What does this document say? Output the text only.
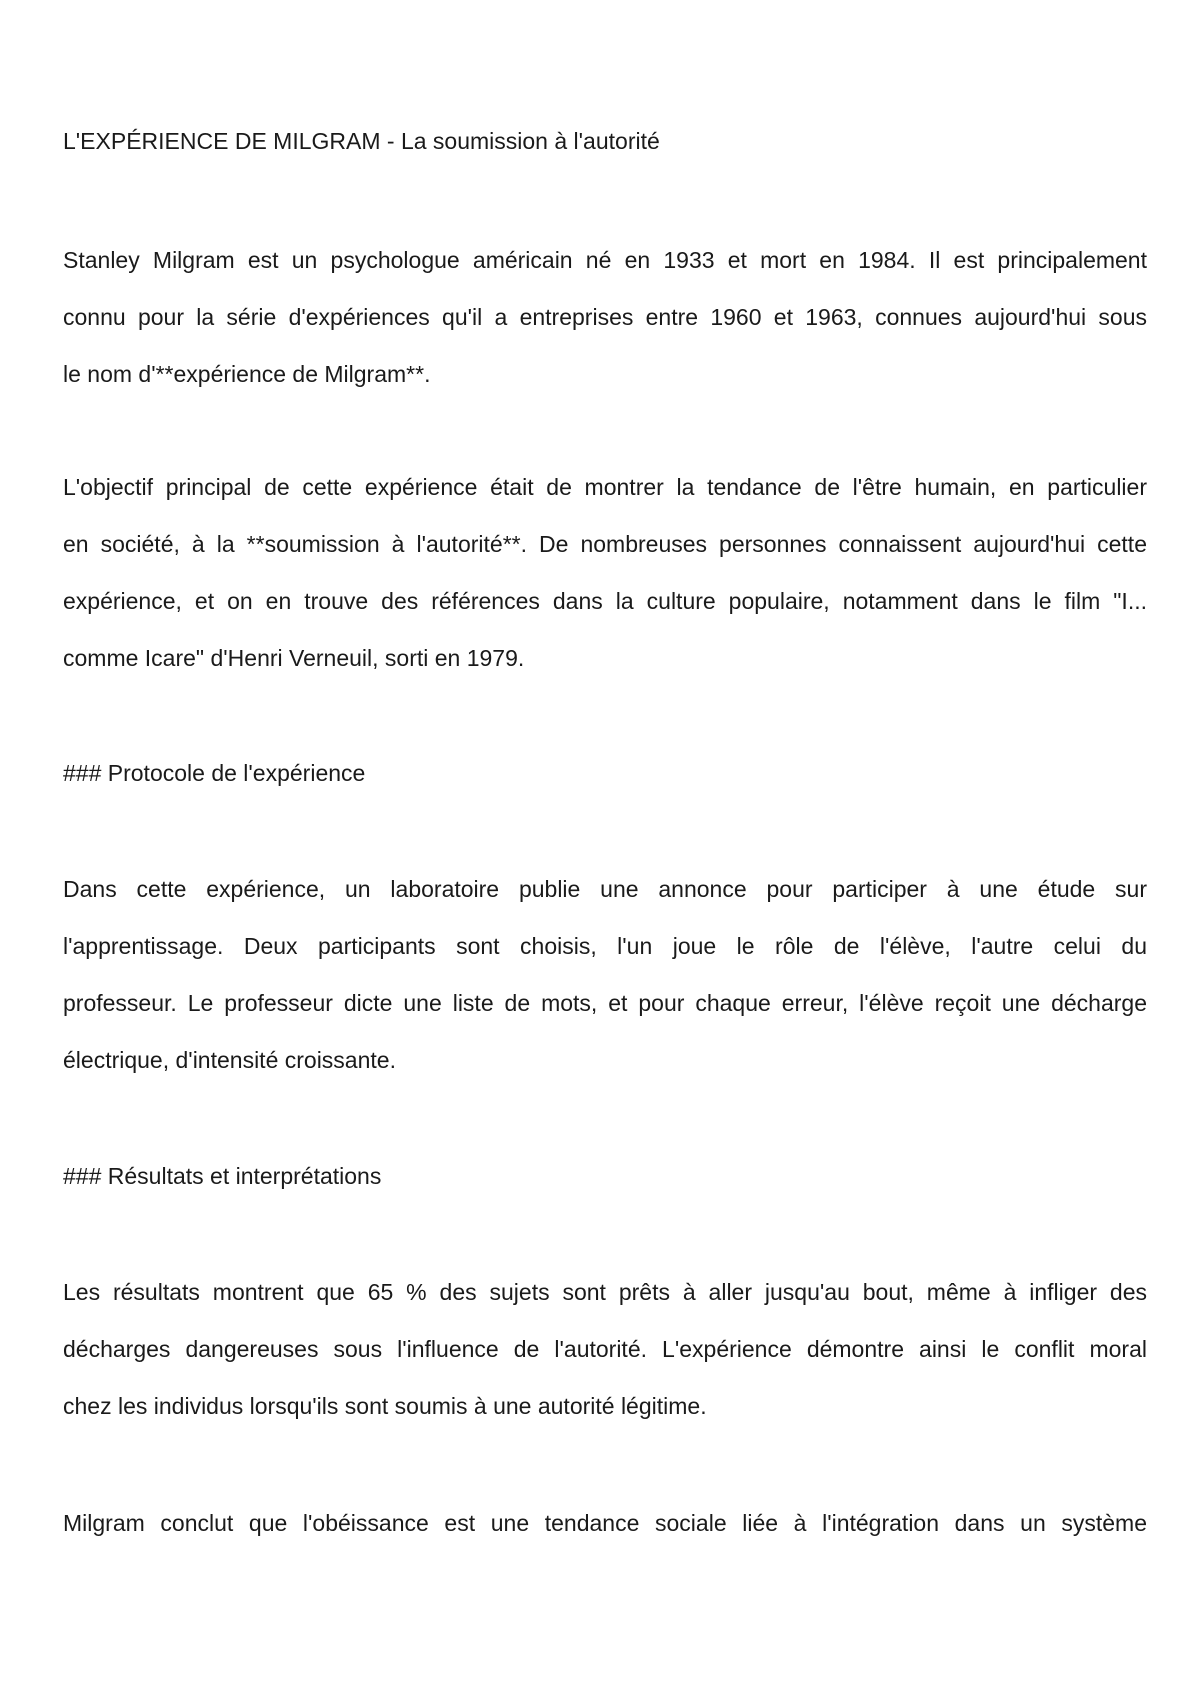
L'EXPÉRIENCE DE MILGRAM - La soumission à l'autorité
Stanley Milgram est un psychologue américain né en 1933 et mort en 1984. Il est principalement
connu pour la série d'expériences qu'il a entreprises entre 1960 et 1963, connues aujourd'hui sous
le nom d'**expérience de Milgram**.
L'objectif principal de cette expérience était de montrer la tendance de l'être humain, en particulier
en société, à la **soumission à l'autorité**. De nombreuses personnes connaissent aujourd'hui cette
expérience, et on en trouve des références dans la culture populaire, notamment dans le film "I...
comme Icare" d'Henri Verneuil, sorti en 1979.
### Protocole de l'expérience
Dans cette expérience, un laboratoire publie une annonce pour participer à une étude sur
l'apprentissage. Deux participants sont choisis, l'un joue le rôle de l'élève, l'autre celui du
professeur. Le professeur dicte une liste de mots, et pour chaque erreur, l'élève reçoit une décharge
électrique, d'intensité croissante.
### Résultats et interprétations
Les résultats montrent que 65 % des sujets sont prêts à aller jusqu'au bout, même à infliger des
décharges dangereuses sous l'influence de l'autorité. L'expérience démontre ainsi le conflit moral
chez les individus lorsqu'ils sont soumis à une autorité légitime.
Milgram conclut que l'obéissance est une tendance sociale liée à l'intégration dans un système
